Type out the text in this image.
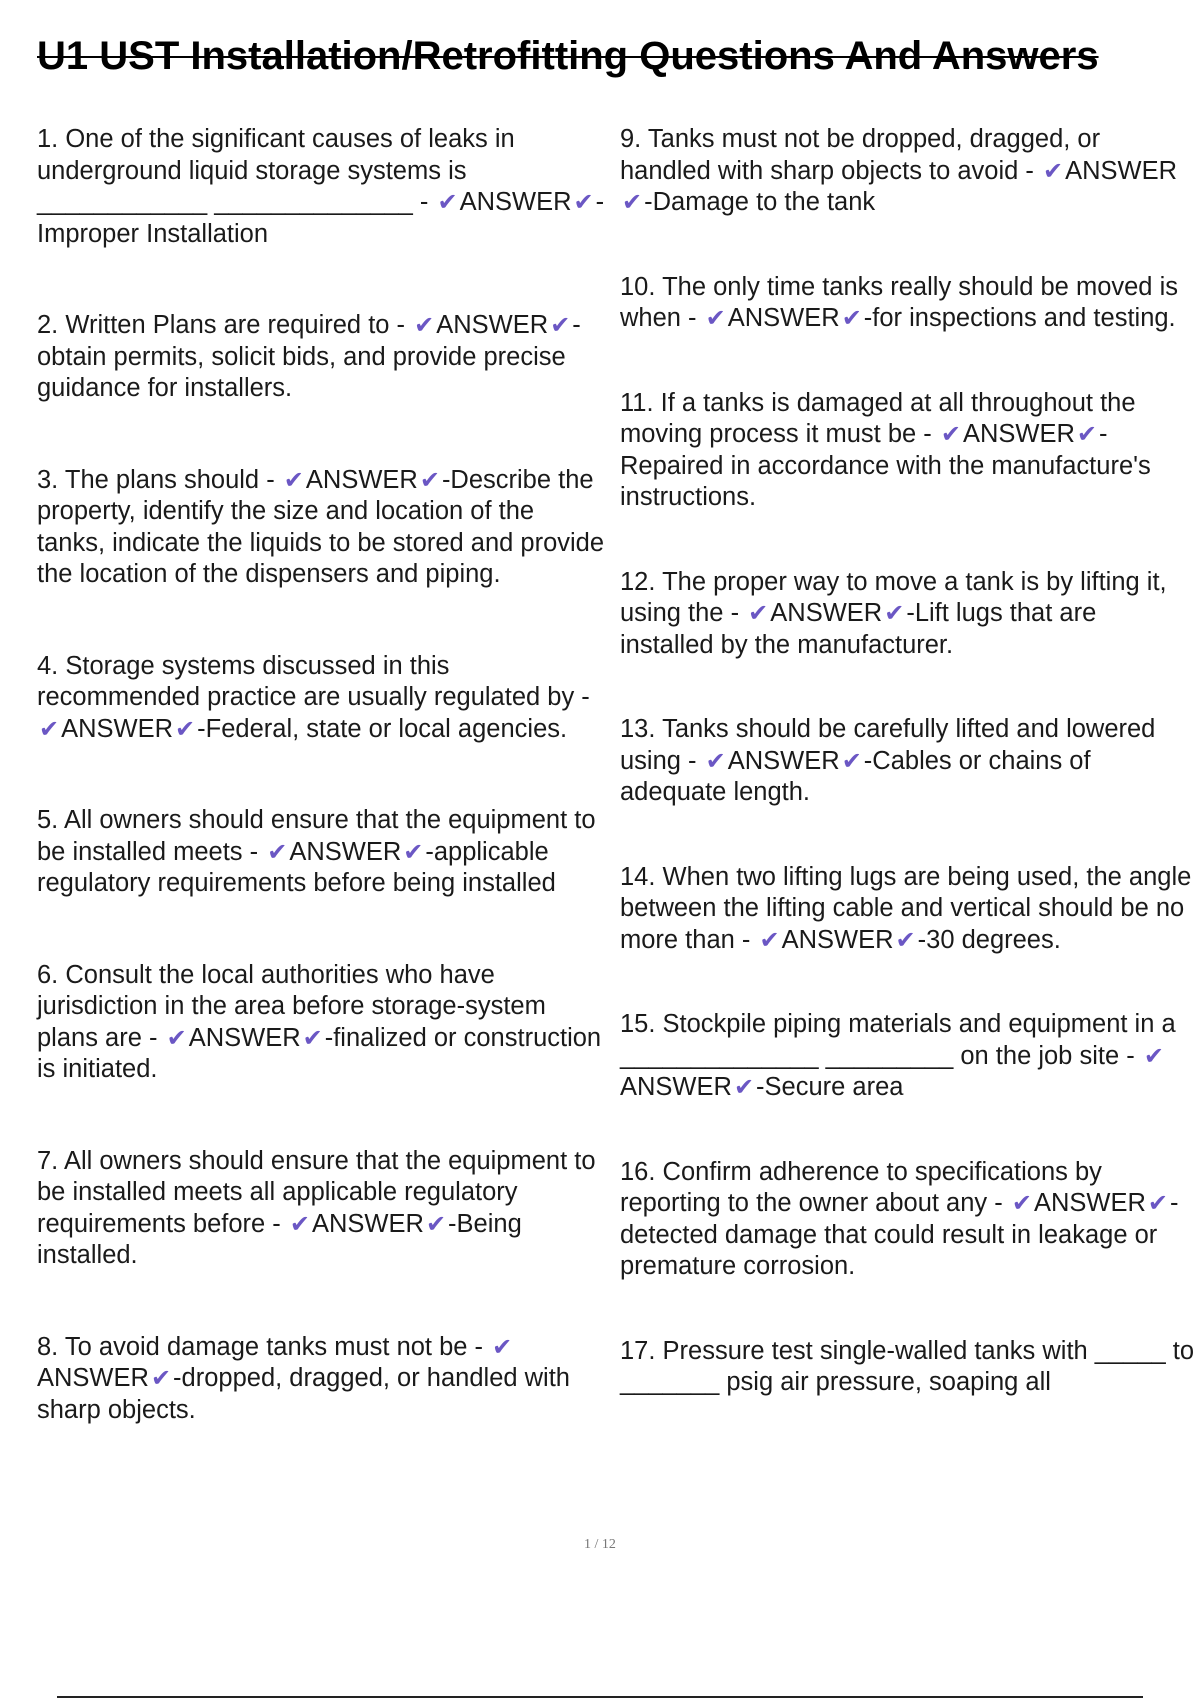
U1 UST Installation/Retrofitting Questions And Answers

1. One of the significant causes of leaks in underground liquid storage systems is ____________ ______________ - ✔ANSWER✔-Improper Installation

2. Written Plans are required to - ✔ANSWER✔-obtain permits, solicit bids, and provide precise guidance for installers.

3. The plans should - ✔ANSWER✔-Describe the property, identify the size and location of the tanks, indicate the liquids to be stored and provide the location of the dispensers and piping.

4. Storage systems discussed in this recommended practice are usually regulated by - ✔ANSWER✔-Federal, state or local agencies.

5. All owners should ensure that the equipment to be installed meets - ✔ANSWER✔-applicable regulatory requirements before being installed

6. Consult the local authorities who have jurisdiction in the area before storage-system plans are - ✔ANSWER✔-finalized or construction is initiated.

7. All owners should ensure that the equipment to be installed meets all applicable regulatory requirements before - ✔ANSWER✔-Being installed.

8. To avoid damage tanks must not be - ✔ANSWER✔-dropped, dragged, or handled with sharp objects.

9. Tanks must not be dropped, dragged, or handled with sharp objects to avoid - ✔ANSWER✔-Damage to the tank

10. The only time tanks really should be moved is when - ✔ANSWER✔-for inspections and testing.

11. If a tanks is damaged at all throughout the moving process it must be - ✔ANSWER✔-Repaired in accordance with the manufacture's instructions.

12. The proper way to move a tank is by lifting it, using the - ✔ANSWER✔-Lift lugs that are installed by the manufacturer.

13. Tanks should be carefully lifted and lowered using - ✔ANSWER✔-Cables or chains of adequate length.

14. When two lifting lugs are being used, the angle between the lifting cable and vertical should be no more than - ✔ANSWER✔-30 degrees.

15. Stockpile piping materials and equipment in a ______________ _________ on the job site - ✔ANSWER✔-Secure area

16. Confirm adherence to specifications by reporting to the owner about any - ✔ANSWER✔-detected damage that could result in leakage or premature corrosion.

17. Pressure test single-walled tanks with _____ to _______ psig air pressure, soaping all

1 / 12
